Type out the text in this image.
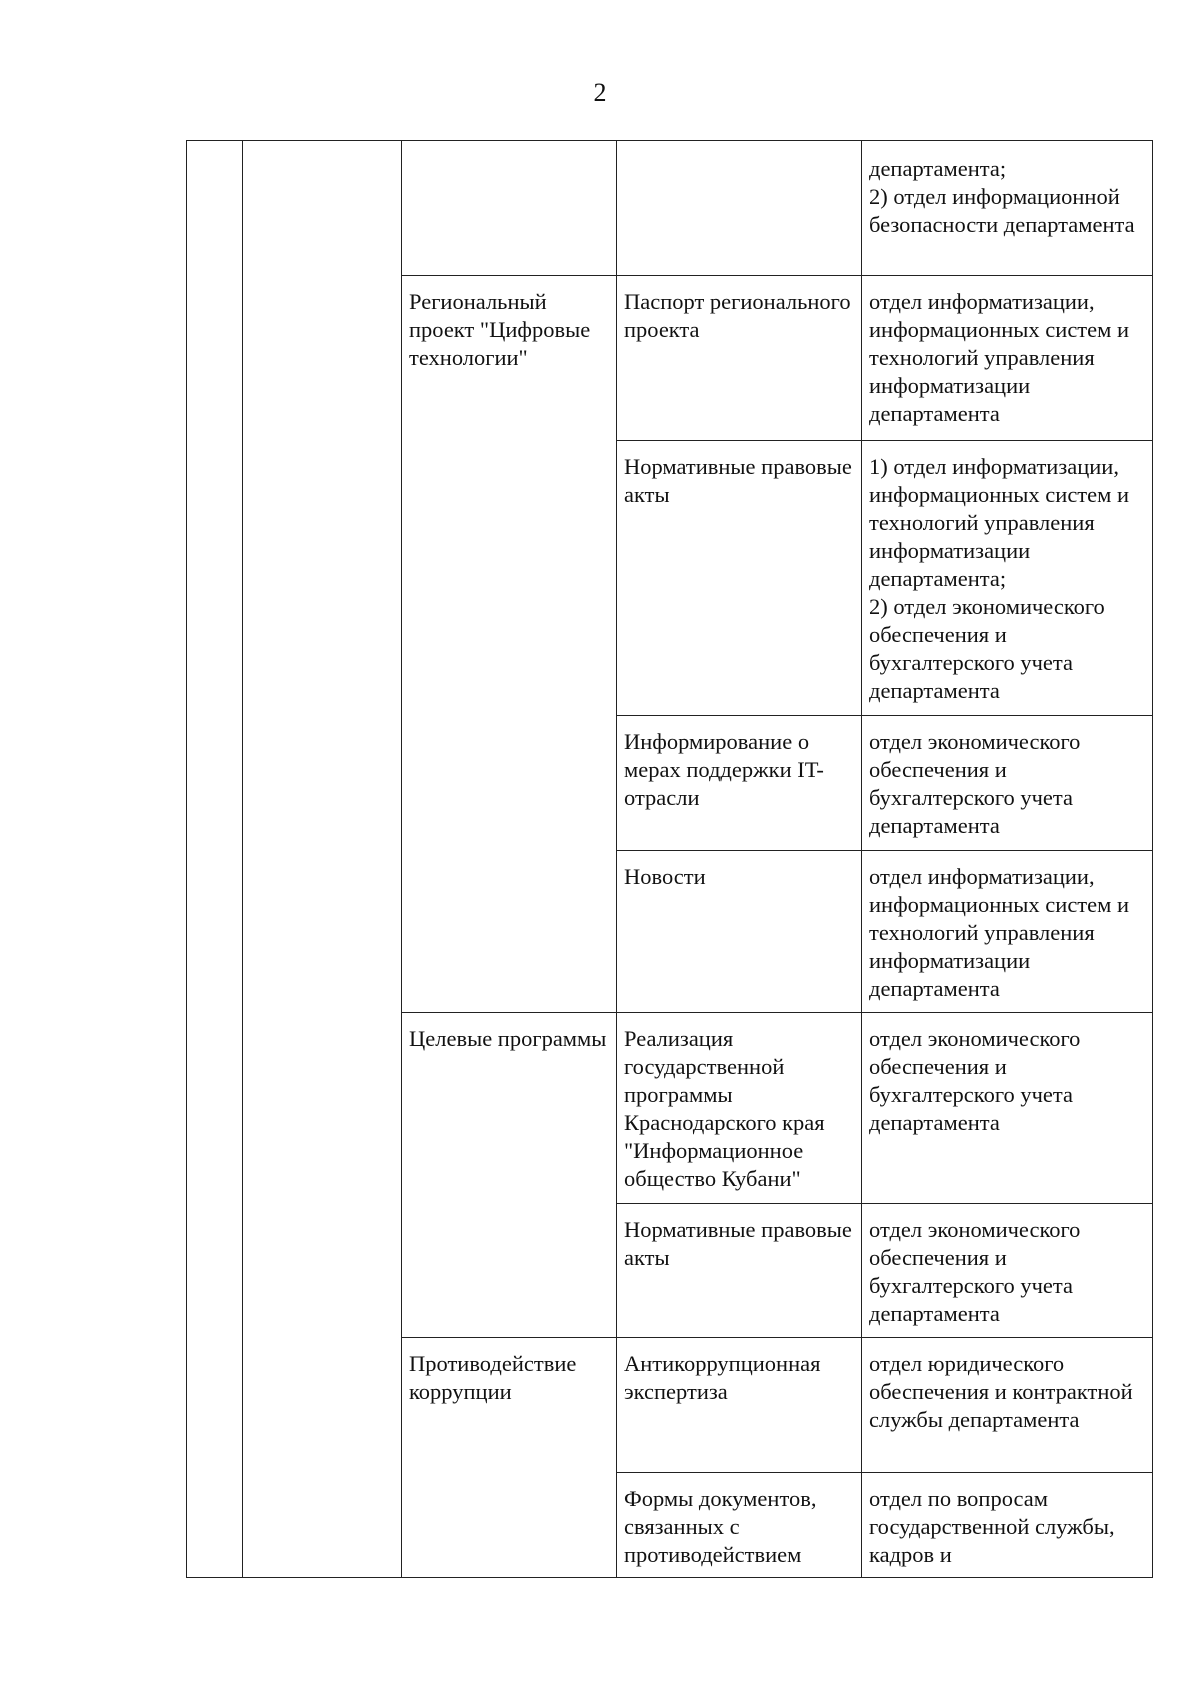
2

				департамента;
2) отдел информационной безопасности департамента

		Региональный проект "Цифровые технологии"	Паспорт регионального проекта	отдел информатизации, информационных систем и технологий управления информатизации департамента

			Нормативные правовые акты	1) отдел информатизации, информационных систем и технологий управления информатизации департамента;
2) отдел экономического обеспечения и бухгалтерского учета департамента

			Информирование о мерах поддержки IT-отрасли	отдел экономического обеспечения и бухгалтерского учета департамента

			Новости	отдел информатизации, информационных систем и технологий управления информатизации департамента

		Целевые программы	Реализация государственной программы Краснодарского края "Информационное общество Кубани"	отдел экономического обеспечения и бухгалтерского учета департамента

			Нормативные правовые акты	отдел экономического обеспечения и бухгалтерского учета департамента

		Противодействие коррупции	Антикоррупционная экспертиза	отдел юридического обеспечения и контрактной службы департамента

			Формы документов, связанных с противодействием	отдел по вопросам государственной службы, кадров и
